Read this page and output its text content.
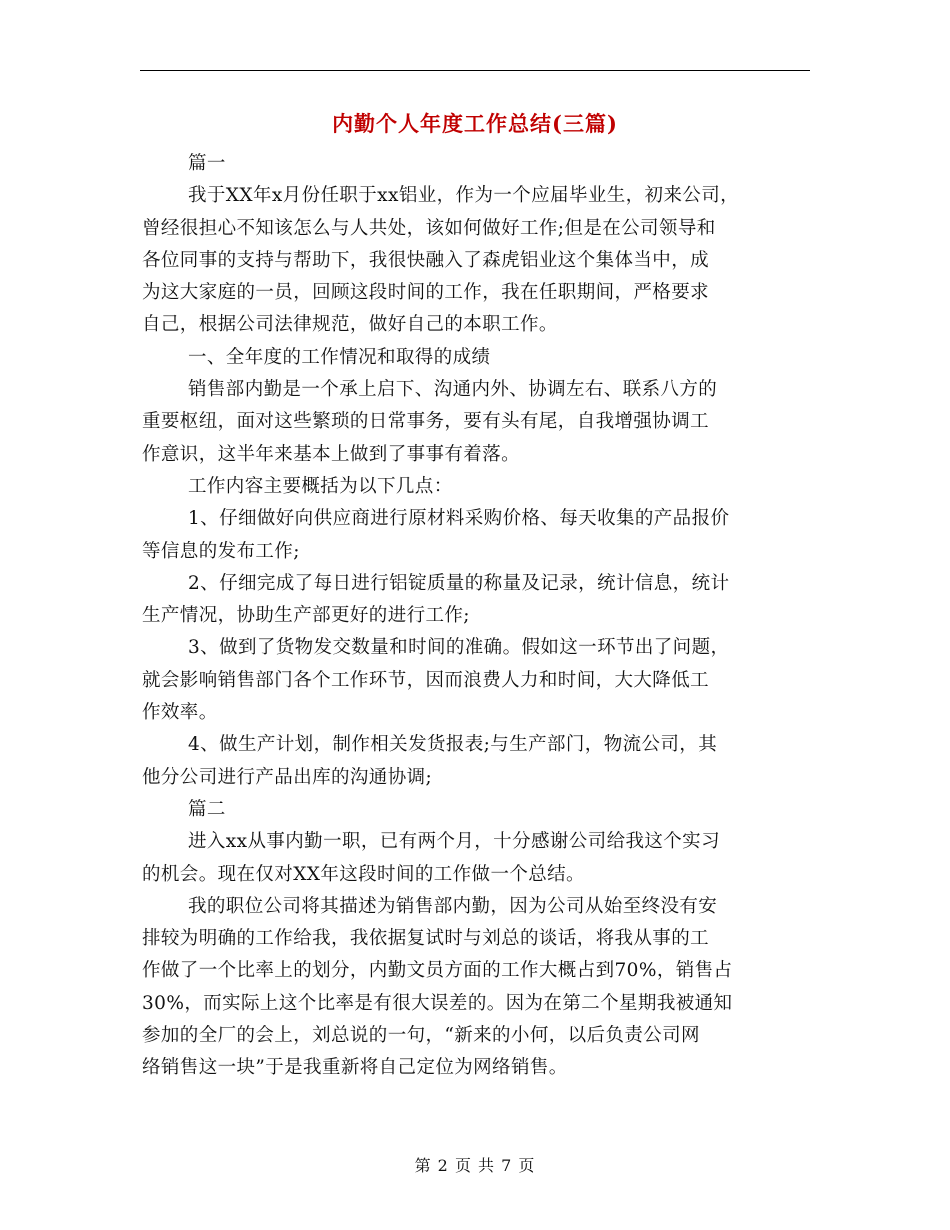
内勤个人年度工作总结(三篇)
篇一
我于XX年x月份任职于xx铝业，作为一个应届毕业生，初来公司，
曾经很担心不知该怎么与人共处，该如何做好工作;但是在公司领导和
各位同事的支持与帮助下，我很快融入了森虎铝业这个集体当中，成
为这大家庭的一员，回顾这段时间的工作，我在任职期间，严格要求
自己，根据公司法律规范，做好自己的本职工作。
一、全年度的工作情况和取得的成绩
销售部内勤是一个承上启下、沟通内外、协调左右、联系八方的
重要枢纽，面对这些繁琐的日常事务，要有头有尾，自我增强协调工
作意识，这半年来基本上做到了事事有着落。
工作内容主要概括为以下几点：
1、仔细做好向供应商进行原材料采购价格、每天收集的产品报价
等信息的发布工作;
2、仔细完成了每日进行铝锭质量的称量及记录，统计信息，统计
生产情况，协助生产部更好的进行工作;
3、做到了货物发交数量和时间的准确。假如这一环节出了问题，
就会影响销售部门各个工作环节，因而浪费人力和时间，大大降低工
作效率。
4、做生产计划，制作相关发货报表;与生产部门，物流公司，其
他分公司进行产品出库的沟通协调;
篇二
进入xx从事内勤一职，已有两个月，十分感谢公司给我这个实习
的机会。现在仅对XX年这段时间的工作做一个总结。
我的职位公司将其描述为销售部内勤，因为公司从始至终没有安
排较为明确的工作给我，我依据复试时与刘总的谈话，将我从事的工
作做了一个比率上的划分，内勤文员方面的工作大概占到70%，销售占
30%，而实际上这个比率是有很大误差的。因为在第二个星期我被通知
参加的全厂的会上，刘总说的一句，“新来的小何，以后负责公司网
络销售这一块”于是我重新将自己定位为网络销售。
第 2 页 共 7 页
